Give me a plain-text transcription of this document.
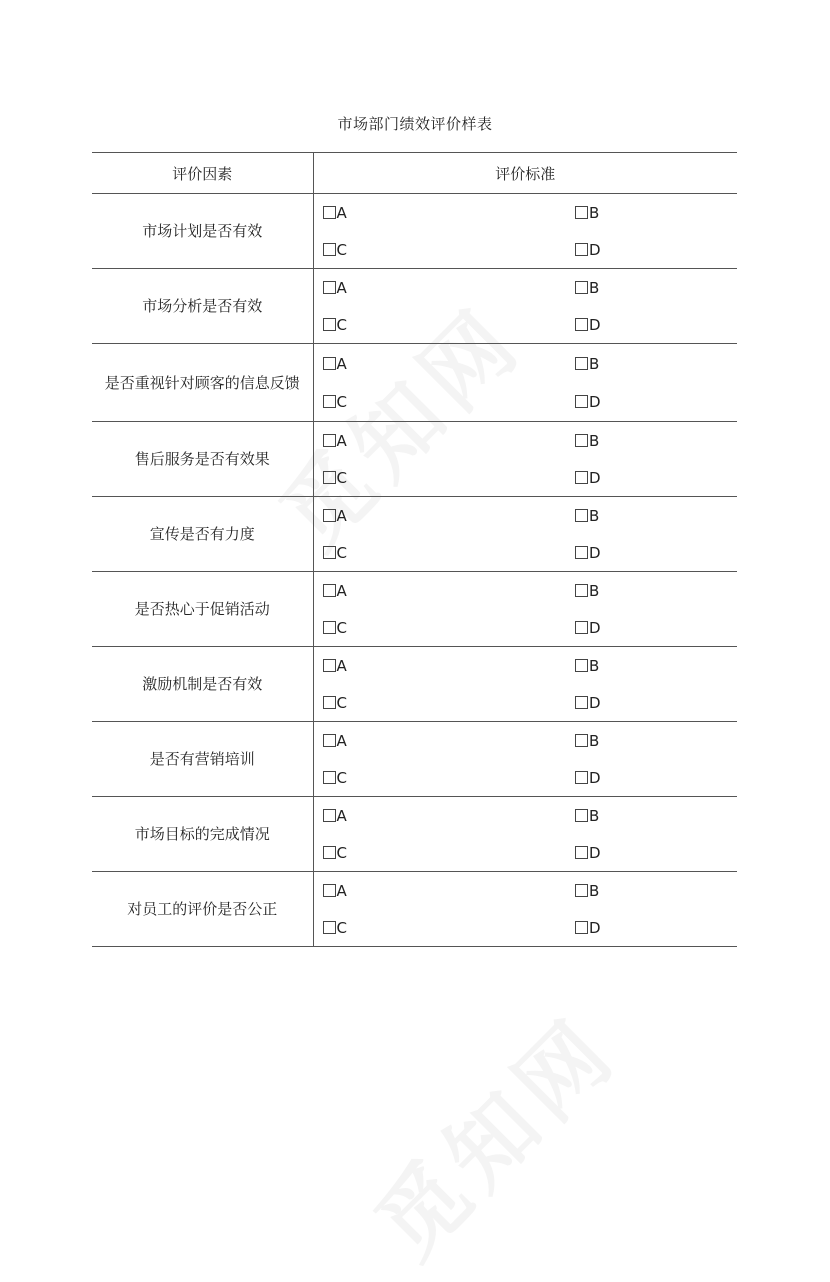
市场部门绩效评价样表
评价因素	评价标准	
市场计划是否有效	A	B
	C	D
市场分析是否有效	A	B
	C	D
是否重视针对顾客的信息反馈	A	B
	C	D
售后服务是否有效果	A	B
	C	D
宣传是否有力度	A	B
	C	D
是否热心于促销活动	A	B
	C	D
激励机制是否有效	A	B
	C	D
是否有营销培训	A	B
	C	D
市场目标的完成情况	A	B
	C	D
对员工的评价是否公正	A	B
	C	D
